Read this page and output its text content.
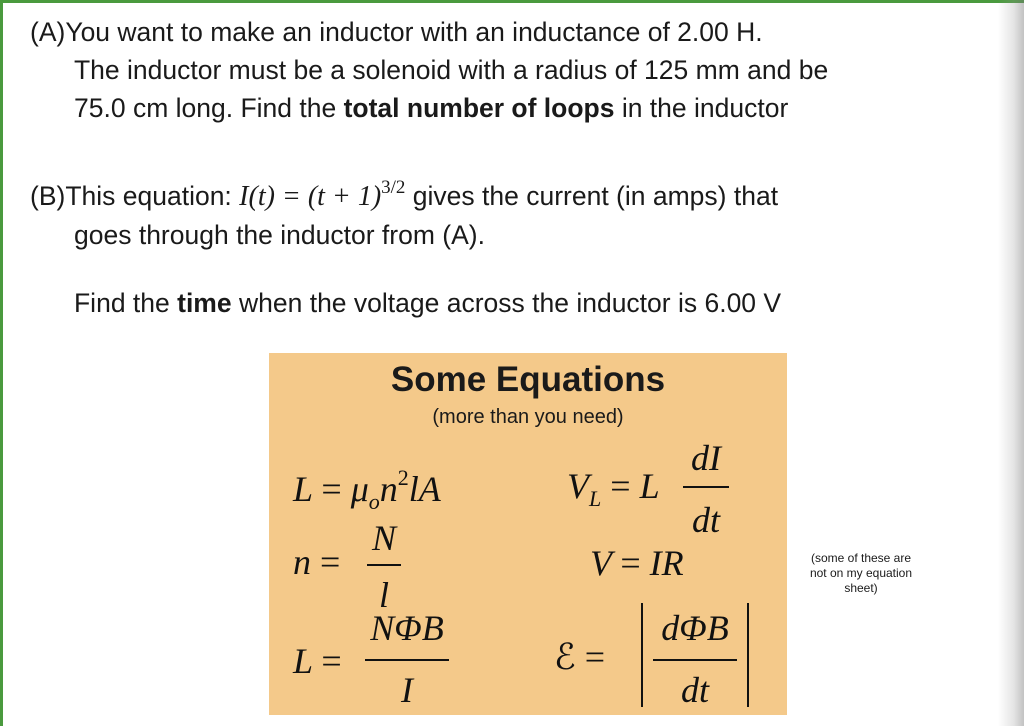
(A)You want to make an inductor with an inductance of 2.00 H.
The inductor must be a solenoid with a radius of 125 mm and be
75.0 cm long. Find the total number of loops in the inductor
(B)This equation: $I(t) = (t + 1)^{3/2}$ gives the current (in amps) that
goes through the inductor from (A).
Find the time when the voltage across the inductor is 6.00 V
Some Equations
(more than you need)
$L = \mu_on^2lA$	$V_L = L$
dI
dt
n =
N
l
V = IR
L =
NΦB
I
ℰ =
dΦB
dt
(some of these are
not on my equation
sheet)
